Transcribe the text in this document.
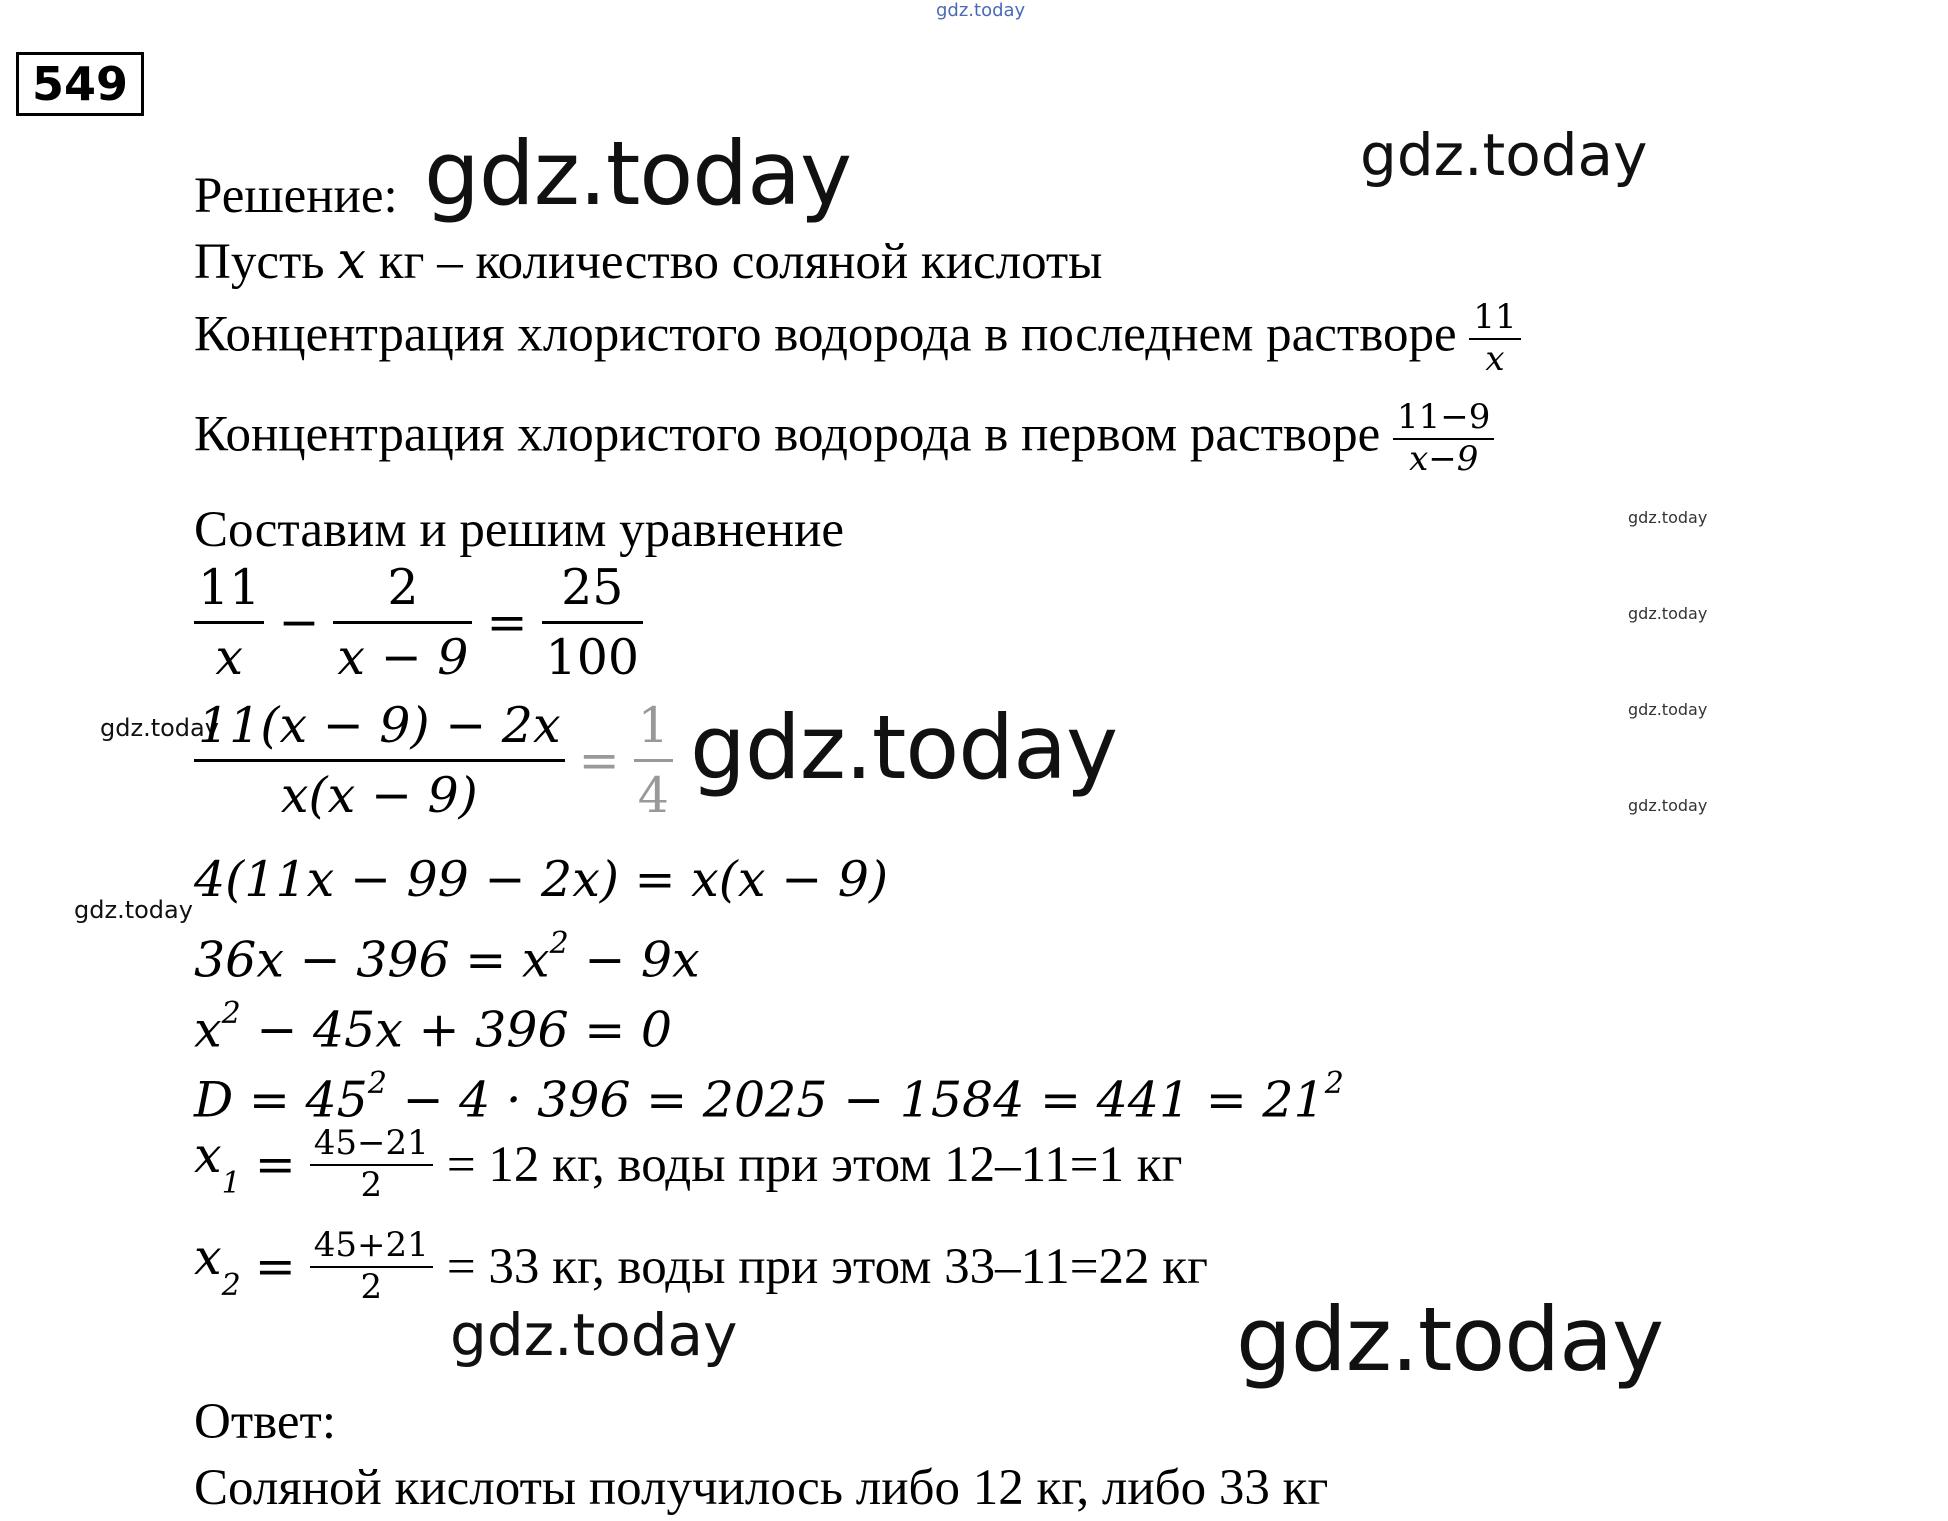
gdz.today
549
Решение: gdz.today	gdz.today
Пусть x кг – количество соляной кислоты
Концентрация хлористого водорода в последнем растворе $\frac{11}{x}$
Концентрация хлористого водорода в первом растворе $\frac{11-9}{x-9}$
Составим и решим уравнение	gdz.today
gdz.today
gdz.today
gdz.today
$\frac{11}{x} - \frac{2}{x - 9} = \frac{25}{100}$
gdz.today
$\frac{11(x - 9) - 2x}{x(x - 9)} = \frac{1}{4}$ gdz.today
4(11x − 99 − 2x) = x(x − 9)
gdz.today
$36x - 396 = x^2 - 9x$
$x^2 - 45x + 396 = 0$
$D = 45^2 - 4 \cdot 396 = 2025 - 1584 = 441 = 21^2$
$x_1 = \frac{45-21}{2} = 12$ кг, воды при этом 12–11=1 кг
$x_2 = \frac{45+21}{2} = 33$ кг, воды при этом 33–11=22 кг
gdz.today	gdz.today
Ответ:
Соляной кислоты получилось либо 12 кг, либо 33 кг
